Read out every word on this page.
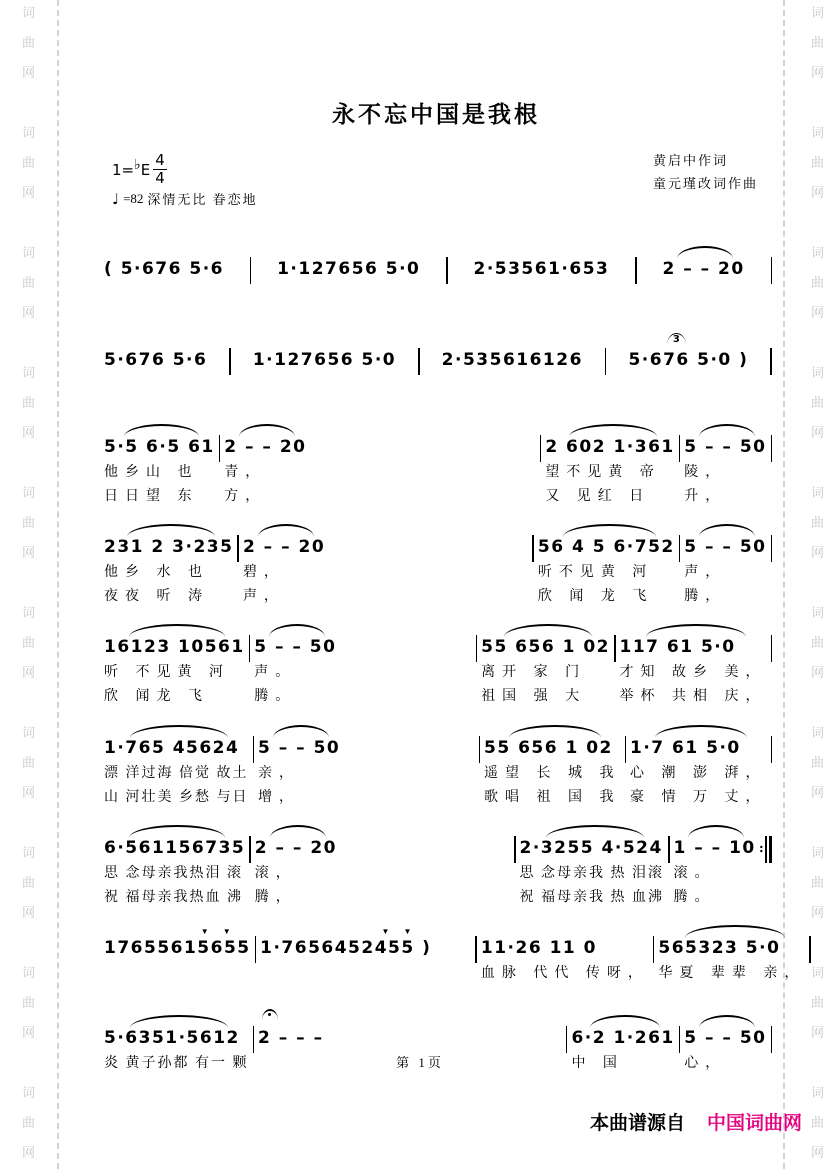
词
曲
网
词
曲
网
词
曲
网
词
曲
网
词
曲
网
词
曲
网
词
曲
网
词
曲
网
词
曲
网
词
曲
网
词
曲
网
词
曲
网
词
曲
网
词
曲
网
词
曲
网
词
曲
网
词
曲
网
词
曲
网
词
曲
网
词
曲
网
永不忘中国是我根
1= ♭ E $\frac{4}{4}$
♩ =82 深情无比 眷恋地
黄启中作词
童元瑾改词作曲
( 5·676 5·6	1·127656 5·0	2·53561·653	2 – – 20
5·676 5·6	1·127656 5·0	2·535616126
3
5·676 5·0 )
5·5 6·5 61
他乡山 也
日日望 东
2 – – 20
青，
方，
2 602 1·361
望不见黄 帝
又 见红 日
5 – – 50
陵，
升，
231 2 3·235
他乡 水 也
夜夜 听 涛
2 – – 20
碧，
声，
56 4 5 6·752
听不见黄 河
欣 闻 龙 飞
5 – – 50
声，
腾，
16123 10561
听 不见黄 河
欣 闻龙 飞
5 – – 50
声。
腾。
55 656 1 02
离开 家 门
祖国 强 大
117 61 5·0
才知 故乡 美，
举杯 共相 庆，
1·765 45624
漂 洋过海 倍觉 故土
山 河壮美 乡愁 与日
5 – – 50
亲，
增，
55 656 1 02
遥望 长 城 我
歌唱 祖 国 我
1·7 61 5·0
心 潮 澎 湃，
豪 情 万 丈，
6·561156735
思 念母亲我热泪 滚
祝 福母亲我热血 沸
2 – – 20
滚，
腾，
2·3255 4·524
思 念母亲我 热 泪滚
祝 福母亲我 热 血沸
1 – – 10
滚。
腾。
∶
▼ ▼
17655615655
▼ ▼
1·7656452455 )	11·26 11 0
血脉 代代 传呀，
565323 5·0
华夏 辈辈 亲，
5·6351·5612
炎 黄子孙都 有一 颗
2 – – –	6·2 1·261
中 国
5 – – 50
心，
第 1页
本曲谱源自 中国词曲网
